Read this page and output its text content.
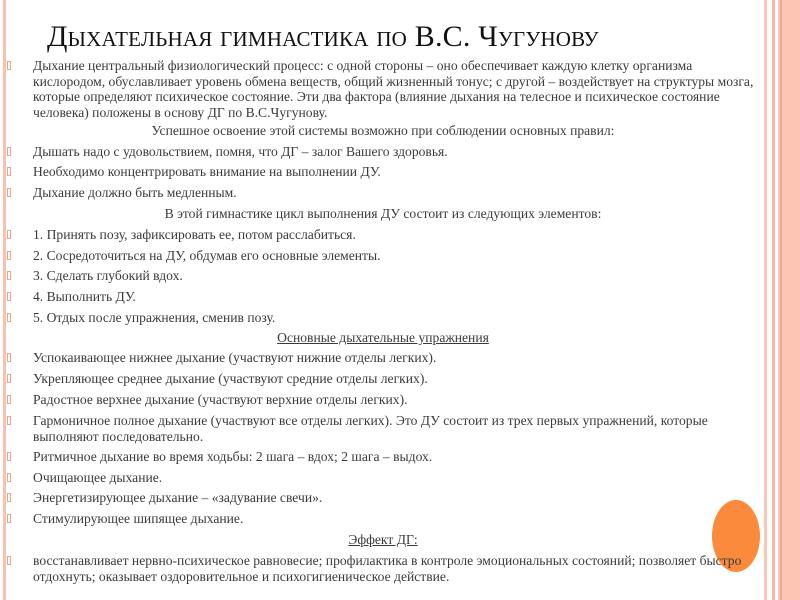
Дыхательная гимнастика по В.С. Чугунову
Дыхание центральный физиологический процесс: с одной стороны – оно обеспечивает каждую клетку организма кислородом, обуславливает уровень обмена веществ, общий жизненный тонус; с другой – воздействует на структуры мозга, которые определяют психическое состояние. Эти два фактора (влияние дыхания на телесное и психическое состояние человека) положены в основу ДГ по В.С.Чугунову.
Успешное освоение этой системы возможно при соблюдении основных правил:
Дышать надо с удовольствием, помня, что ДГ – залог Вашего здоровья.
Необходимо концентрировать внимание на выполнении ДУ.
Дыхание должно быть медленным.
В этой гимнастике цикл выполнения ДУ состоит из следующих элементов:
1. Принять позу, зафиксировать ее, потом расслабиться.
2. Сосредоточиться на ДУ, обдумав его основные элементы.
3. Сделать глубокий вдох.
4. Выполнить ДУ.
5. Отдых после упражнения, сменив позу.
Основные дыхательные упражнения
Успокаивающее нижнее дыхание (участвуют нижние отделы легких).
Укрепляющее среднее дыхание (участвуют средние отделы легких).
Радостное верхнее дыхание (участвуют верхние отделы легких).
Гармоничное полное дыхание (участвуют все отделы легких). Это ДУ состоит из трех первых упражнений, которые выполняют последовательно.
Ритмичное дыхание во время ходьбы: 2 шага – вдох; 2 шага – выдох.
Очищающее дыхание.
Энергетизирующее дыхание – «задувание свечи».
Стимулирующее шипящее дыхание.
Эффект ДГ:
восстанавливает нервно-психическое равновесие; профилактика в контроле эмоциональных состояний; позволяет быстро отдохнуть; оказывает оздоровительное и психогигиеническое действие.
